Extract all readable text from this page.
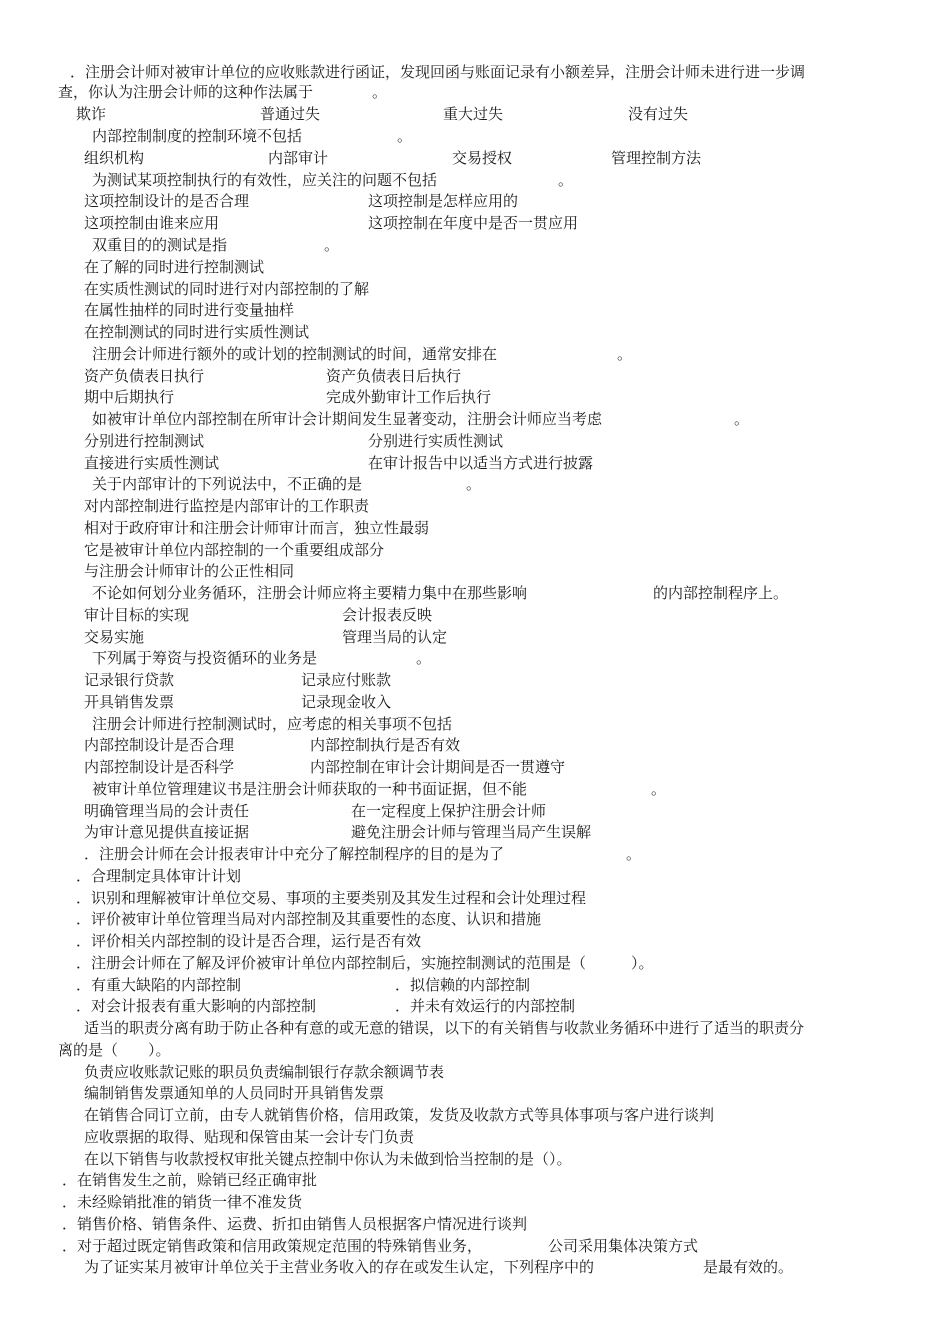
．注册会计师对被审计单位的应收账款进行函证，发现回函与账面记录有小额差异，注册会计师未进行进一步调
查，你认为注册会计师的这种作法属于	。
欺诈	普通过失	重大过失	没有过失
内部控制制度的控制环境不包括	。
组织机构	内部审计	交易授权	管理控制方法
为测试某项控制执行的有效性，应关注的问题不包括	。
这项控制设计的是否合理	这项控制是怎样应用的
这项控制由谁来应用	这项控制在年度中是否一贯应用
双重目的的测试是指	。
在了解的同时进行控制测试
在实质性测试的同时进行对内部控制的了解
在属性抽样的同时进行变量抽样
在控制测试的同时进行实质性测试
注册会计师进行额外的或计划的控制测试的时间，通常安排在	。
资产负债表日执行	资产负债表日后执行
期中后期执行	完成外勤审计工作后执行
如被审计单位内部控制在所审计会计期间发生显著变动，注册会计师应当考虑	。
分别进行控制测试	分别进行实质性测试
直接进行实质性测试	在审计报告中以适当方式进行披露
关于内部审计的下列说法中，不正确的是	。
对内部控制进行监控是内部审计的工作职责
相对于政府审计和注册会计师审计而言，独立性最弱
它是被审计单位内部控制的一个重要组成部分
与注册会计师审计的公正性相同
不论如何划分业务循环，注册会计师应将主要精力集中在那些影响	的内部控制程序上。
审计目标的实现	会计报表反映
交易实施	管理当局的认定
下列属于筹资与投资循环的业务是	。
记录银行贷款	记录应付账款
开具销售发票	记录现金收入
注册会计师进行控制测试时，应考虑的相关事项不包括
内部控制设计是否合理	内部控制执行是否有效
内部控制设计是否科学	内部控制在审计会计期间是否一贯遵守
被审计单位管理建议书是注册会计师获取的一种书面证据，但不能	。
明确管理当局的会计责任	在一定程度上保护注册会计师
为审计意见提供直接证据	避免注册会计师与管理当局产生误解
．注册会计师在会计报表审计中充分了解控制程序的目的是为了	。
．合理制定具体审计计划
．识别和理解被审计单位交易、事项的主要类别及其发生过程和会计处理过程
．评价被审计单位管理当局对内部控制及其重要性的态度、认识和措施
．评价相关内部控制的设计是否合理，运行是否有效
．注册会计师在了解及评价被审计单位内部控制后，实施控制测试的范围是（　　　）。
．有重大缺陷的内部控制	．拟信赖的内部控制
．对会计报表有重大影响的内部控制	．并未有效运行的内部控制
适当的职责分离有助于防止各种有意的或无意的错误，以下的有关销售与收款业务循环中进行了适当的职责分
离的是（　　）。
负责应收账款记账的职员负责编制银行存款余额调节表
编制销售发票通知单的人员同时开具销售发票
在销售合同订立前，由专人就销售价格，信用政策，发货及收款方式等具体事项与客户进行谈判
应收票据的取得、贴现和保管由某一会计专门负责
在以下销售与收款授权审批关键点控制中你认为未做到恰当控制的是（）。
．在销售发生之前，赊销已经正确审批
．未经赊销批准的销货一律不准发货
．销售价格、销售条件、运费、折扣由销售人员根据客户情况进行谈判
．对于超过既定销售政策和信用政策规定范围的特殊销售业务，	公司采用集体决策方式
为了证实某月被审计单位关于主营业务收入的存在或发生认定，下列程序中的	是最有效的。
